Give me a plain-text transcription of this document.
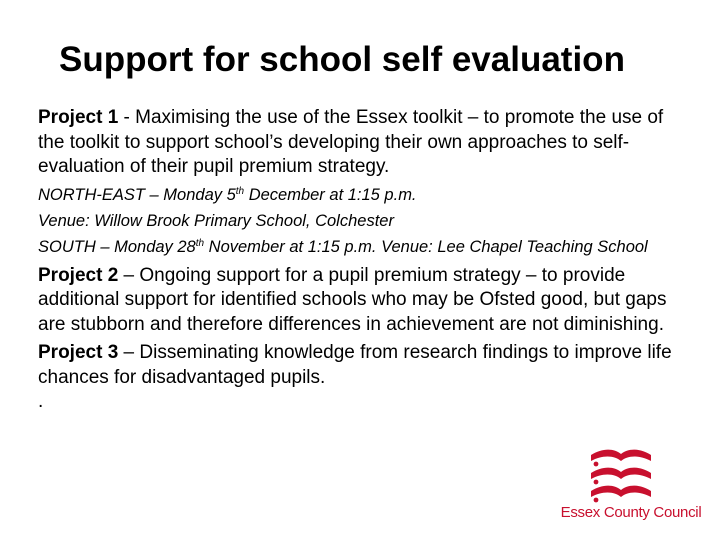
Support for school self evaluation

Project 1 - Maximising the use of the Essex toolkit – to promote the use of the toolkit to support school’s developing their own approaches to self-evaluation of their pupil premium strategy.

NORTH-EAST – Monday 5th December at 1:15 p.m.

Venue: Willow Brook Primary School, Colchester

SOUTH – Monday 28th November at 1:15 p.m. Venue: Lee Chapel Teaching School

Project 2 – Ongoing support for a pupil premium strategy – to provide additional support for identified schools who may be Ofsted good, but gaps are stubborn and therefore differences in achievement are not diminishing.

Project 3 – Disseminating knowledge from research findings to improve life chances for disadvantaged pupils.

.

Essex County Council
